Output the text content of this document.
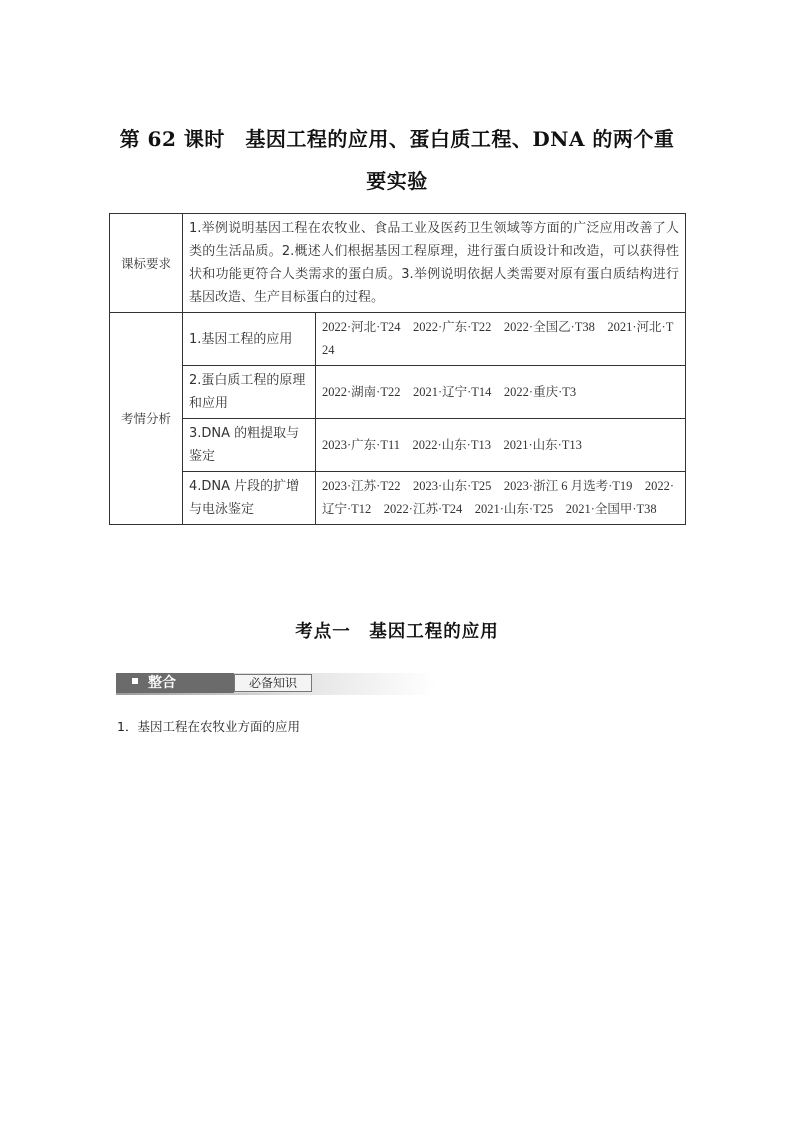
第 62 课时　基因工程的应用、蛋白质工程、DNA 的两个重
要实验
课标要求	1.举例说明基因工程在农牧业、食品工业及医药卫生领域等方面的广泛应用改善了人类的生活品质。2.概述人们根据基因工程原理，进行蛋白质设计和改造，可以获得性状和功能更符合人类需求的蛋白质。3.举例说明依据人类需要对原有蛋白质结构进行基因改造、生产目标蛋白的过程。	
考情分析	1.基因工程的应用	2022·河北·T24　2022·广东·T22　2022·全国乙·T38　2021·河北·T24
	2.蛋白质工程的原理和应用	2022·湖南·T22　2021·辽宁·T14　2022·重庆·T3
	3.DNA 的粗提取与鉴定	2023·广东·T11　2022·山东·T13　2021·山东·T13
	4.DNA 片段的扩增与电泳鉴定	2023·江苏·T22　2023·山东·T25　2023·浙江 6 月选考·T19　2022·辽宁·T12　2022·江苏·T24　2021·山东·T25　2021·全国甲·T38
考点一　基因工程的应用
整合	必备知识
1．基因工程在农牧业方面的应用
